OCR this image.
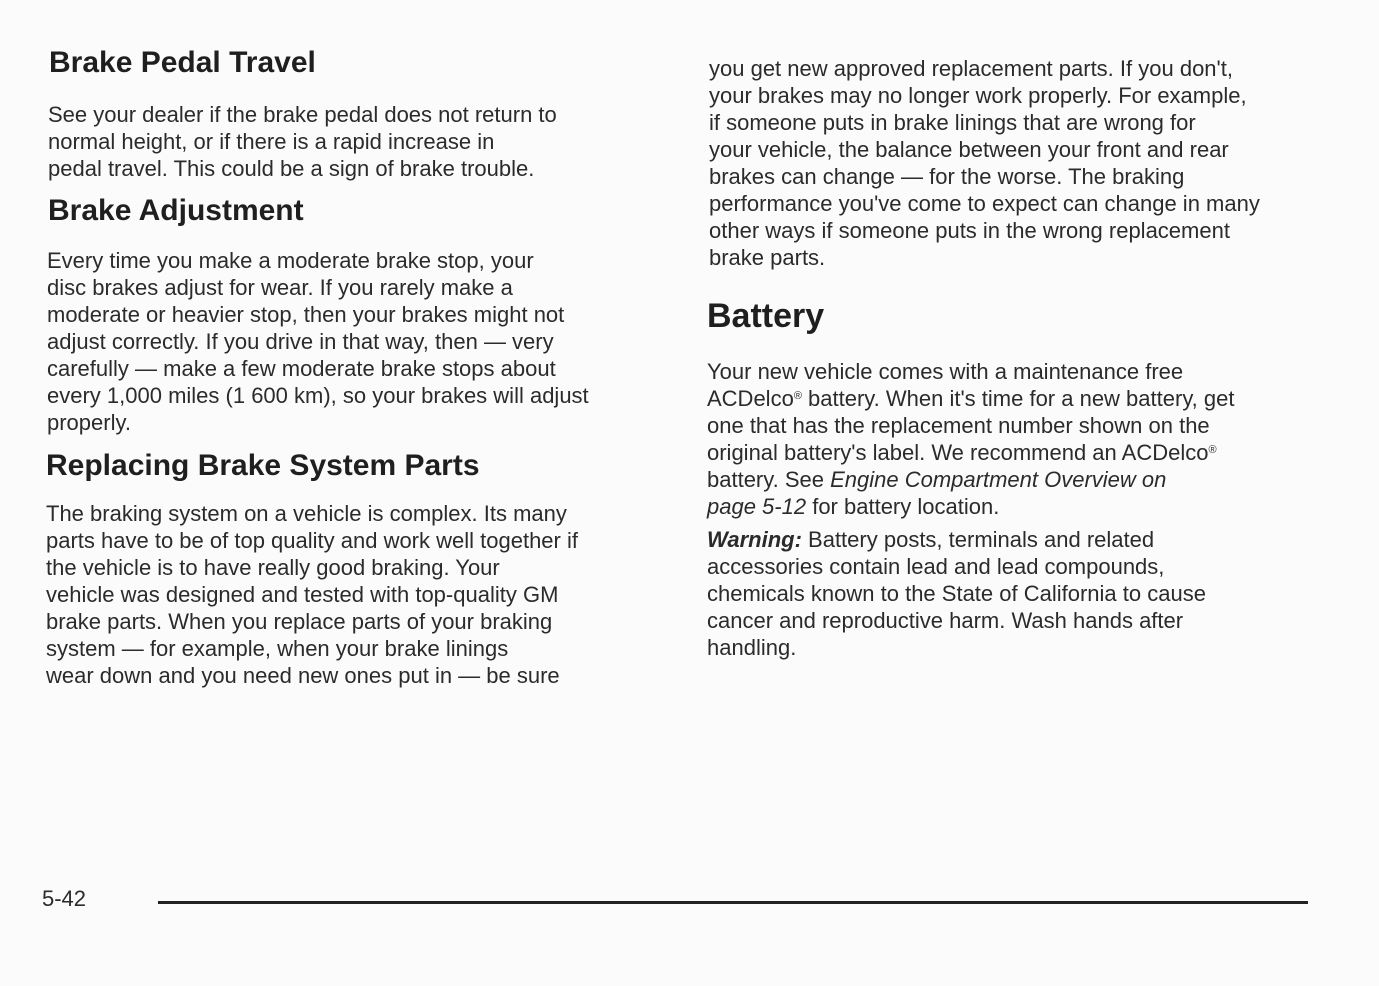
Brake Pedal Travel

See your dealer if the brake pedal does not return to
normal height, or if there is a rapid increase in
pedal travel. This could be a sign of brake trouble.

Brake Adjustment

Every time you make a moderate brake stop, your
disc brakes adjust for wear. If you rarely make a
moderate or heavier stop, then your brakes might not
adjust correctly. If you drive in that way, then — very
carefully — make a few moderate brake stops about
every 1,000 miles (1 600 km), so your brakes will adjust
properly.

Replacing Brake System Parts

The braking system on a vehicle is complex. Its many
parts have to be of top quality and work well together if
the vehicle is to have really good braking. Your
vehicle was designed and tested with top-quality GM
brake parts. When you replace parts of your braking
system — for example, when your brake linings
wear down and you need new ones put in — be sure

you get new approved replacement parts. If you don't,
your brakes may no longer work properly. For example,
if someone puts in brake linings that are wrong for
your vehicle, the balance between your front and rear
brakes can change — for the worse. The braking
performance you've come to expect can change in many
other ways if someone puts in the wrong replacement
brake parts.

Battery

Your new vehicle comes with a maintenance free
ACDelco® battery. When it's time for a new battery, get
one that has the replacement number shown on the
original battery's label. We recommend an ACDelco®
battery. See Engine Compartment Overview on
page 5-12 for battery location.

Warning: Battery posts, terminals and related
accessories contain lead and lead compounds,
chemicals known to the State of California to cause
cancer and reproductive harm. Wash hands after
handling.

5-42
